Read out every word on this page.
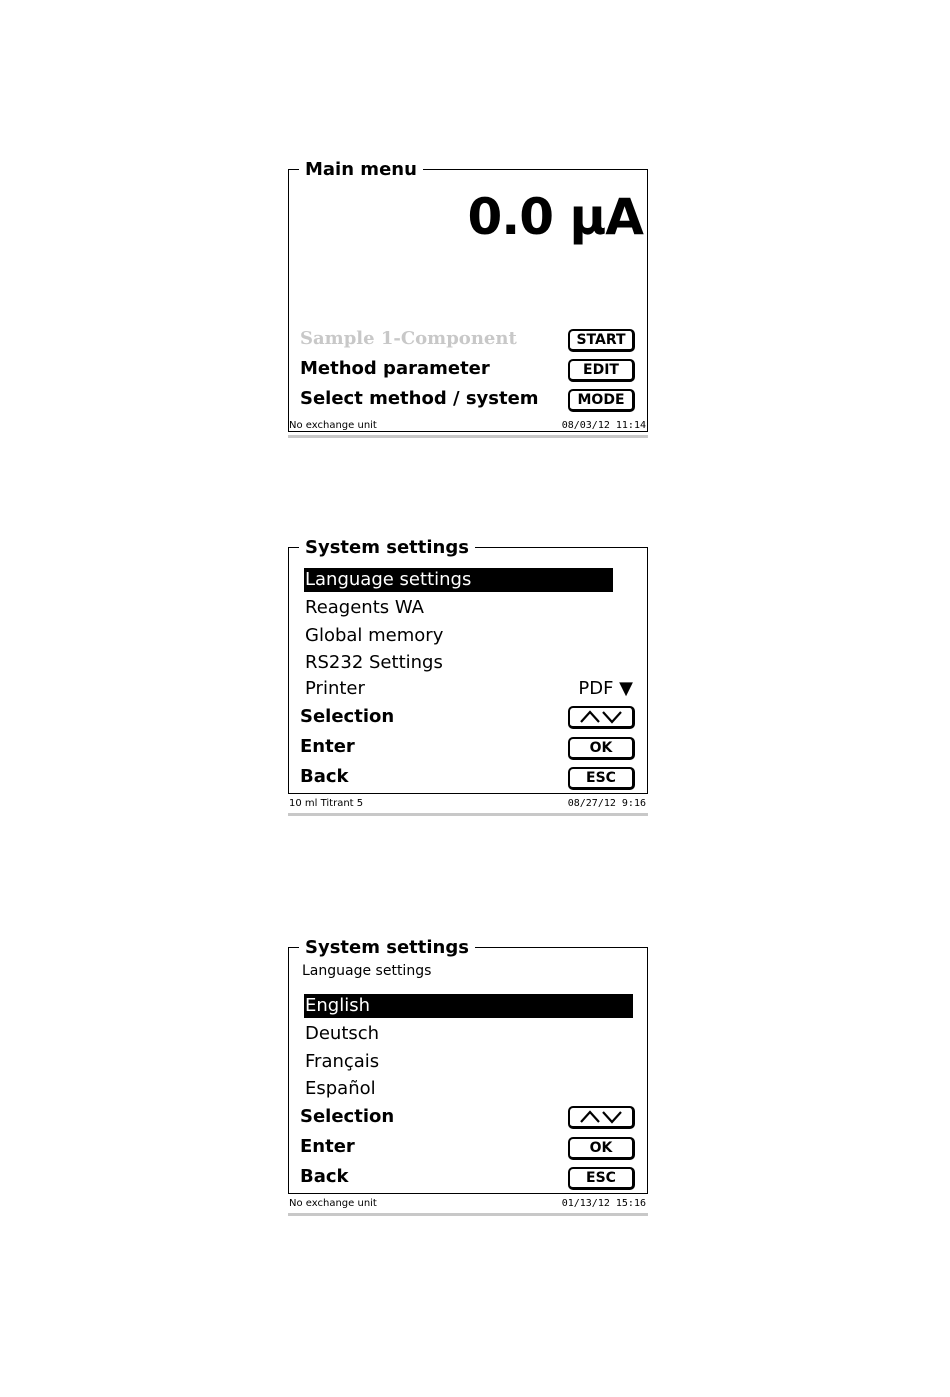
Main menu
0.0 µA
Sample 1-Component	START
Method parameter	EDIT
Select method / system	MODE
No exchange unit	08/03/12 11:14
System settings
Language settings
Reagents WA
Global memory
RS232 Settings
Printer	PDF ▼
Selection
Enter	OK
Back	ESC
10 ml Titrant 5	08/27/12 9:16
System settings
Language settings
English
Deutsch
Français
Español
Selection
Enter	OK
Back	ESC
No exchange unit	01/13/12 15:16
